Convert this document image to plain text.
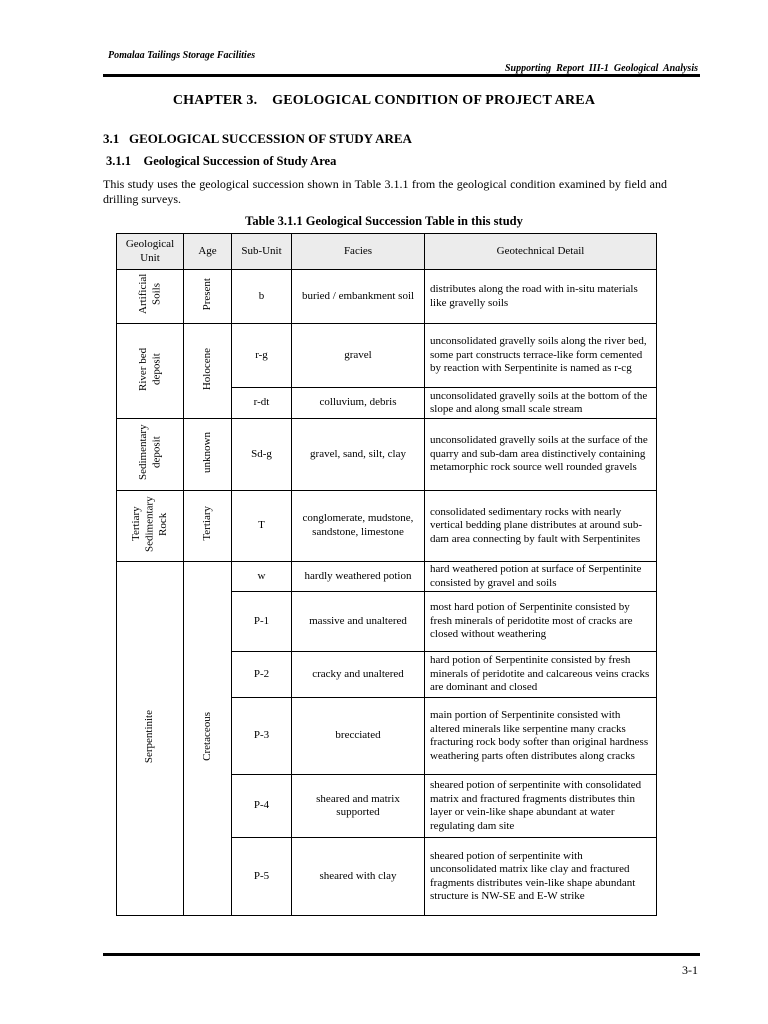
Pomalaa Tailings Storage Facilities
Supporting  Report  III-1  Geological  Analysis
CHAPTER 3.    GEOLOGICAL CONDITION OF PROJECT AREA
3.1   GEOLOGICAL SUCCESSION OF STUDY AREA
3.1.1    Geological Succession of Study Area
This study uses the geological succession shown in Table 3.1.1 from the geological condition examined by field and drilling surveys.
Table 3.1.1 Geological Succession Table in this study
Geological Unit	Age	Sub-Unit	Facies	Geotechnical Detail
Artificial Soils	Present	b	buried / embankment soil	distributes along the road with in-situ materials like gravelly soils
River bed deposit	Holocene	r-g	gravel	unconsolidated gravelly soils along the river bed, some part constructs terrace-like form cemented by reaction with Serpentinite is named as r-cg
		r-dt	colluvium, debris	unconsolidated gravelly soils at the bottom of the slope and along small scale stream
Sedimentary deposit	unknown	Sd-g	gravel, sand, silt, clay	unconsolidated gravelly soils at the surface of the quarry and sub-dam area distinctively containing metamorphic rock source well rounded gravels
Tertiary Sedimentary Rock	Tertiary	T	conglomerate, mudstone, sandstone, limestone	consolidated sedimentary rocks with nearly vertical bedding plane distributes at around sub-dam area connecting by fault with Serpentinites
Serpentinite	Cretaceous	w	hardly weathered potion	hard weathered potion at surface of Serpentinite consisted by gravel and soils
		P-1	massive and unaltered	most hard potion of Serpentinite consisted by fresh minerals of peridotite most of cracks are closed without weathering
		P-2	cracky and unaltered	hard potion of Serpentinite consisted by fresh minerals of peridotite and calcareous veins cracks are dominant and closed
		P-3	brecciated	main portion of Serpentinite consisted with altered minerals like serpentine many cracks fracturing rock body softer than original hardness weathering parts often distributes along cracks
		P-4	sheared and matrix supported	sheared potion of serpentinite with consolidated matrix and fractured fragments distributes thin layer or vein-like shape abundant at water regulating dam site
		P-5	sheared with clay	sheared potion of serpentinite with unconsolidated matrix like clay and fractured fragments distributes vein-like shape abundant structure is NW-SE and E-W strike
3-1
